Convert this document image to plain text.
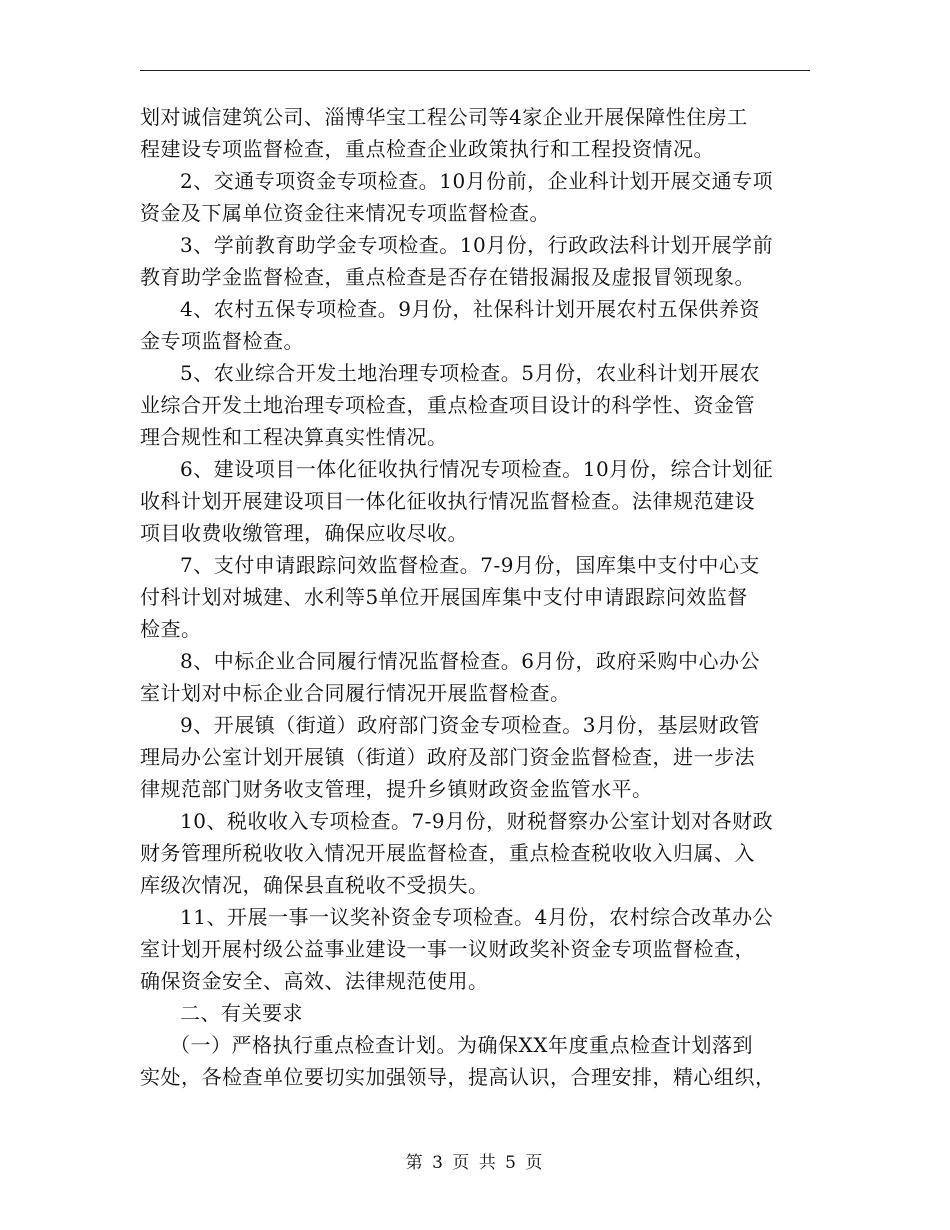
划对诚信建筑公司、淄博华宝工程公司等4家企业开展保障性住房工
程建设专项监督检查，重点检查企业政策执行和工程投资情况。
2、交通专项资金专项检查。10月份前，企业科计划开展交通专项
资金及下属单位资金往来情况专项监督检查。
3、学前教育助学金专项检查。10月份，行政政法科计划开展学前
教育助学金监督检查，重点检查是否存在错报漏报及虚报冒领现象。
4、农村五保专项检查。9月份，社保科计划开展农村五保供养资
金专项监督检查。
5、农业综合开发土地治理专项检查。5月份，农业科计划开展农
业综合开发土地治理专项检查，重点检查项目设计的科学性、资金管
理合规性和工程决算真实性情况。
6、建设项目一体化征收执行情况专项检查。10月份，综合计划征
收科计划开展建设项目一体化征收执行情况监督检查。法律规范建设
项目收费收缴管理，确保应收尽收。
7、支付申请跟踪问效监督检查。7-9月份，国库集中支付中心支
付科计划对城建、水利等5单位开展国库集中支付申请跟踪问效监督
检查。
8、中标企业合同履行情况监督检查。6月份，政府采购中心办公
室计划对中标企业合同履行情况开展监督检查。
9、开展镇（街道）政府部门资金专项检查。3月份，基层财政管
理局办公室计划开展镇（街道）政府及部门资金监督检查，进一步法
律规范部门财务收支管理，提升乡镇财政资金监管水平。
10、税收收入专项检查。7-9月份，财税督察办公室计划对各财政
财务管理所税收收入情况开展监督检查，重点检查税收收入归属、入
库级次情况，确保县直税收不受损失。
11、开展一事一议奖补资金专项检查。4月份，农村综合改革办公
室计划开展村级公益事业建设一事一议财政奖补资金专项监督检查，
确保资金安全、高效、法律规范使用。
二、有关要求
（一）严格执行重点检查计划。为确保XX年度重点检查计划落到
实处，各检查单位要切实加强领导，提高认识，合理安排，精心组织，
第 3 页 共 5 页
